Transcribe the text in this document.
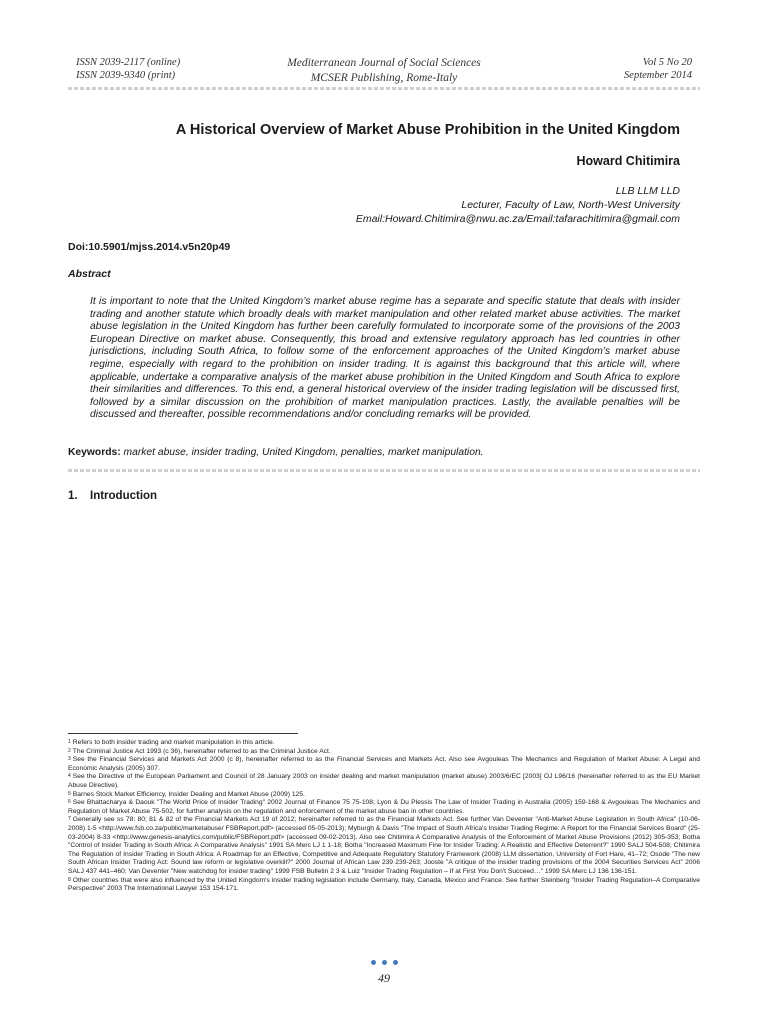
ISSN 2039-2117 (online)
ISSN 2039-9340 (print)
Mediterranean Journal of Social Sciences
MCSER Publishing, Rome-Italy
Vol 5 No 20
September 2014
A Historical Overview of Market Abuse Prohibition in the United Kingdom
Howard Chitimira
LLB LLM LLD
Lecturer, Faculty of Law, North-West University
Email:Howard.Chitimira@nwu.ac.za/Email:tafarachitimira@gmail.com
Doi:10.5901/mjss.2014.v5n20p49
Abstract

It is important to note that the United Kingdom’s market abuse regime has a separate and specific statute that deals with insider trading and another statute which broadly deals with market manipulation and other related market abuse activities. The market abuse legislation in the United Kingdom has further been carefully formulated to incorporate some of the provisions of the 2003 European Directive on market abuse. Consequently, this broad and extensive regulatory approach has led countries in other jurisdictions, including South Africa, to follow some of the enforcement approaches of the United Kingdom’s market abuse regime, especially with regard to the prohibition on insider trading. It is against this background that this article will, where applicable, undertake a comparative analysis of the market abuse prohibition in the United Kingdom and South Africa to explore their similarities and differences. To this end, a general historical overview of the insider trading legislation will be discussed first, followed by a similar discussion on the prohibition of market manipulation practices. Lastly, the available penalties will be discussed and thereafter, possible recommendations and/or concluding remarks will be provided.

Keywords: market abuse, insider trading, United Kingdom, penalties, market manipulation.
1. Introduction

$^1$ Refers to both insider trading and market manipulation in this article.

$^2$ The Criminal Justice Act 1993 (c 36), hereinafter referred to as the Criminal Justice Act.

$^3$ See the Financial Services and Markets Act 2000 (c 8), hereinafter referred to as the Financial Services and Markets Act. Also see Avgouleas The Mechanics and Regulation of Market Abuse: A Legal and Economic Analysis (2005) 307.

$^4$ See the Directive of the European Parliament and Council of 28 January 2003 on insider dealing and market manipulation (market abuse) 2003/6/EC [2003] OJ L96/16 (hereinafter referred to as the EU Market Abuse Directive).

$^5$ Barnes Stock Market Efficiency, Insider Dealing and Market Abuse (2009) 125.

$^6$ See Bhattacharya & Daouk "The World Price of Insider Trading" 2002 Journal of Finance 75 75-108; Lyon & Du Plessis The Law of Insider Trading in Australia (2005) 159-168 & Avgouleas The Mechanics and Regulation of Market Abuse 75-502, for further analysis on the regulation and enforcement of the market abuse ban in other countries.

$^7$ Generally see ss 78; 80; 81 & 82 of the Financial Markets Act 19 of 2012; hereinafter referred to as the Financial Markets Act. See further Van Deventer "Anti-Market Abuse Legislation in South Africa" (10-06-2008) 1-5 <http://www.fsb.co.za/public/marketabuse/ FSBReport.pdf> (accessed 05-05-2013); Myburgh & Davis "The Impact of South Africa's Insider Trading Regime: A Report for the Financial Services Board" (25-03-2004) 8-33 <http://www.genesis-analytics.com/public/FSBReport.pdf> (accessed 09-02-2013). Also see Chitimira A Comparative Analysis of the Enforcement of Market Abuse Provisions (2012) 305-353; Botha "Control of Insider Trading in South Africa: A Comparative Analysis" 1991 SA Merc LJ 1 1-18; Botha "Increased Maximum Fine for Insider Trading: A Realistic and Effective Deterrent?" 1990 SALJ 504-508; Chitimira The Regulation of Insider Trading in South Africa: A Roadmap for an Effective, Competitive and Adequate Regulatory Statutory Framework (2008) LLM dissertation, University of Fort Hare, 41–72; Osode "The new South African Insider Trading Act: Sound law reform or legislative overkill?" 2000 Journal of African Law 239 239-263; Jooste "A critique of the insider trading provisions of the 2004 Securities Services Act" 2006 SALJ 437 441–460; Van Deventer "New watchdog for insider trading" 1999 FSB Bulletin 2 3 & Luiz "Insider Trading Regulation – If at First You Don't Succeed…" 1999 SA Merc LJ 136 136-151.

$^8$ Other countries that were also influenced by the United Kingdom's insider trading legislation include Germany, Italy, Canada, Mexico and France. See further Steinberg "Insider Trading Regulation–A Comparative Perspective" 2003 The International Lawyer 153 154-171.

49
